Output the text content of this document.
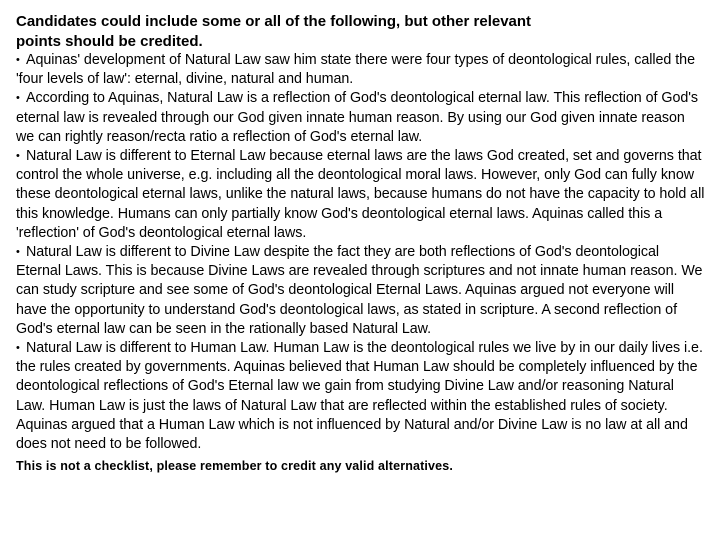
Candidates could include some or all of the following, but other relevant points should be credited.

• Aquinas' development of Natural Law saw him state there were four types of deontological rules, called the 'four levels of law': eternal, divine, natural and human.
• According to Aquinas, Natural Law is a reflection of God's deontological eternal law. This reflection of God's eternal law is revealed through our God given innate human reason. By using our God given innate reason we can rightly reason/recta ratio a reflection of God's eternal law.
• Natural Law is different to Eternal Law because eternal laws are the laws God created, set and governs that control the whole universe, e.g. including all the deontological moral laws. However, only God can fully know these deontological eternal laws, unlike the natural laws, because humans do not have the capacity to hold all this knowledge. Humans can only partially know God's deontological eternal laws. Aquinas called this a 'reflection' of God's deontological eternal laws.
• Natural Law is different to Divine Law despite the fact they are both reflections of God's deontological Eternal Laws. This is because Divine Laws are revealed through scriptures and not innate human reason. We can study scripture and see some of God's deontological Eternal Laws. Aquinas argued not everyone will have the opportunity to understand God's deontological laws, as stated in scripture. A second reflection of God's eternal law can be seen in the rationally based Natural Law.
• Natural Law is different to Human Law. Human Law is the deontological rules we live by in our daily lives i.e. the rules created by governments. Aquinas believed that Human Law should be completely influenced by the deontological reflections of God's Eternal law we gain from studying Divine Law and/or reasoning Natural Law. Human Law is just the laws of Natural Law that are reflected within the established rules of society. Aquinas argued that a Human Law which is not influenced by Natural and/or Divine Law is no law at all and does not need to be followed.

This is not a checklist, please remember to credit any valid alternatives.
